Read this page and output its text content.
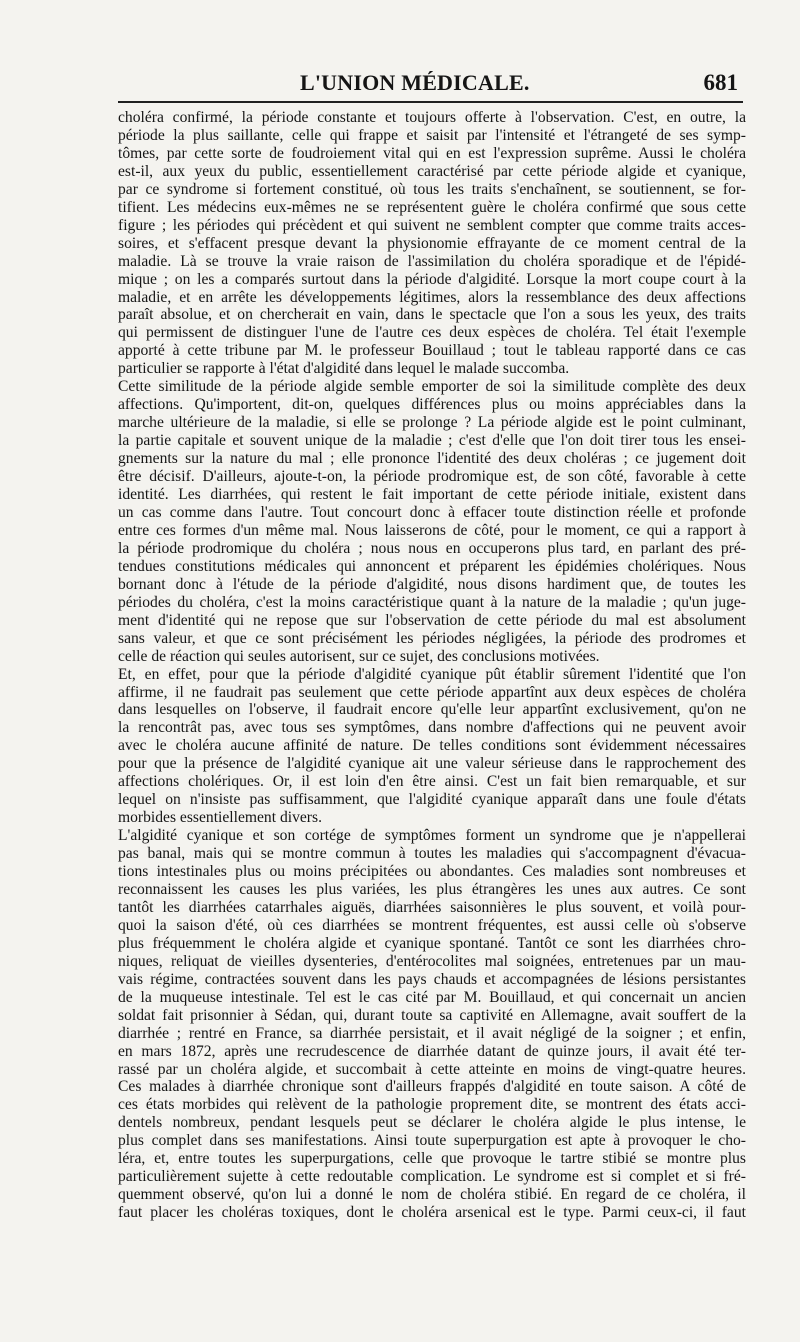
L'UNION MÉDICALE.	681
choléra confirmé, la période constante et toujours offerte à l'observation. C'est, en outre, la
période la plus saillante, celle qui frappe et saisit par l'intensité et l'étrangeté de ses symp-
tômes, par cette sorte de foudroiement vital qui en est l'expression suprême. Aussi le choléra
est-il, aux yeux du public, essentiellement caractérisé par cette période algide et cyanique,
par ce syndrome si fortement constitué, où tous les traits s'enchaînent, se soutiennent, se for-
tifient. Les médecins eux-mêmes ne se représentent guère le choléra confirmé que sous cette
figure ; les périodes qui précèdent et qui suivent ne semblent compter que comme traits acces-
soires, et s'effacent presque devant la physionomie effrayante de ce moment central de la
maladie. Là se trouve la vraie raison de l'assimilation du choléra sporadique et de l'épidé-
mique ; on les a comparés surtout dans la période d'algidité. Lorsque la mort coupe court à la
maladie, et en arrête les développements légitimes, alors la ressemblance des deux affections
paraît absolue, et on chercherait en vain, dans le spectacle que l'on a sous les yeux, des traits
qui permissent de distinguer l'une de l'autre ces deux espèces de choléra. Tel était l'exemple
apporté à cette tribune par M. le professeur Bouillaud ; tout le tableau rapporté dans ce cas
particulier se rapporte à l'état d'algidité dans lequel le malade succomba.
Cette similitude de la période algide semble emporter de soi la similitude complète des deux
affections. Qu'importent, dit-on, quelques différences plus ou moins appréciables dans la
marche ultérieure de la maladie, si elle se prolonge ? La période algide est le point culminant,
la partie capitale et souvent unique de la maladie ; c'est d'elle que l'on doit tirer tous les ensei-
gnements sur la nature du mal ; elle prononce l'identité des deux choléras ; ce jugement doit
être décisif. D'ailleurs, ajoute-t-on, la période prodromique est, de son côté, favorable à cette
identité. Les diarrhées, qui restent le fait important de cette période initiale, existent dans
un cas comme dans l'autre. Tout concourt donc à effacer toute distinction réelle et profonde
entre ces formes d'un même mal. Nous laisserons de côté, pour le moment, ce qui a rapport à
la période prodromique du choléra ; nous nous en occuperons plus tard, en parlant des pré-
tendues constitutions médicales qui annoncent et préparent les épidémies cholériques. Nous
bornant donc à l'étude de la période d'algidité, nous disons hardiment que, de toutes les
périodes du choléra, c'est la moins caractéristique quant à la nature de la maladie ; qu'un juge-
ment d'identité qui ne repose que sur l'observation de cette période du mal est absolument
sans valeur, et que ce sont précisément les périodes négligées, la période des prodromes et
celle de réaction qui seules autorisent, sur ce sujet, des conclusions motivées.
Et, en effet, pour que la période d'algidité cyanique pût établir sûrement l'identité que l'on
affirme, il ne faudrait pas seulement que cette période appartînt aux deux espèces de choléra
dans lesquelles on l'observe, il faudrait encore qu'elle leur appartînt exclusivement, qu'on ne
la rencontrât pas, avec tous ses symptômes, dans nombre d'affections qui ne peuvent avoir
avec le choléra aucune affinité de nature. De telles conditions sont évidemment nécessaires
pour que la présence de l'algidité cyanique ait une valeur sérieuse dans le rapprochement des
affections cholériques. Or, il est loin d'en être ainsi. C'est un fait bien remarquable, et sur
lequel on n'insiste pas suffisamment, que l'algidité cyanique apparaît dans une foule d'états
morbides essentiellement divers.
L'algidité cyanique et son cortége de symptômes forment un syndrome que je n'appellerai
pas banal, mais qui se montre commun à toutes les maladies qui s'accompagnent d'évacua-
tions intestinales plus ou moins précipitées ou abondantes. Ces maladies sont nombreuses et
reconnaissent les causes les plus variées, les plus étrangères les unes aux autres. Ce sont
tantôt les diarrhées catarrhales aiguës, diarrhées saisonnières le plus souvent, et voilà pour-
quoi la saison d'été, où ces diarrhées se montrent fréquentes, est aussi celle où s'observe
plus fréquemment le choléra algide et cyanique spontané. Tantôt ce sont les diarrhées chro-
niques, reliquat de vieilles dysenteries, d'entérocolites mal soignées, entretenues par un mau-
vais régime, contractées souvent dans les pays chauds et accompagnées de lésions persistantes
de la muqueuse intestinale. Tel est le cas cité par M. Bouillaud, et qui concernait un ancien
soldat fait prisonnier à Sédan, qui, durant toute sa captivité en Allemagne, avait souffert de la
diarrhée ; rentré en France, sa diarrhée persistait, et il avait négligé de la soigner ; et enfin,
en mars 1872, après une recrudescence de diarrhée datant de quinze jours, il avait été ter-
rassé par un choléra algide, et succombait à cette atteinte en moins de vingt-quatre heures.
Ces malades à diarrhée chronique sont d'ailleurs frappés d'algidité en toute saison. A côté de
ces états morbides qui relèvent de la pathologie proprement dite, se montrent des états acci-
dentels nombreux, pendant lesquels peut se déclarer le choléra algide le plus intense, le
plus complet dans ses manifestations. Ainsi toute superpurgation est apte à provoquer le cho-
léra, et, entre toutes les superpurgations, celle que provoque le tartre stibié se montre plus
particulièrement sujette à cette redoutable complication. Le syndrome est si complet et si fré-
quemment observé, qu'on lui a donné le nom de choléra stibié. En regard de ce choléra, il
faut placer les choléras toxiques, dont le choléra arsenical est le type. Parmi ceux-ci, il faut
